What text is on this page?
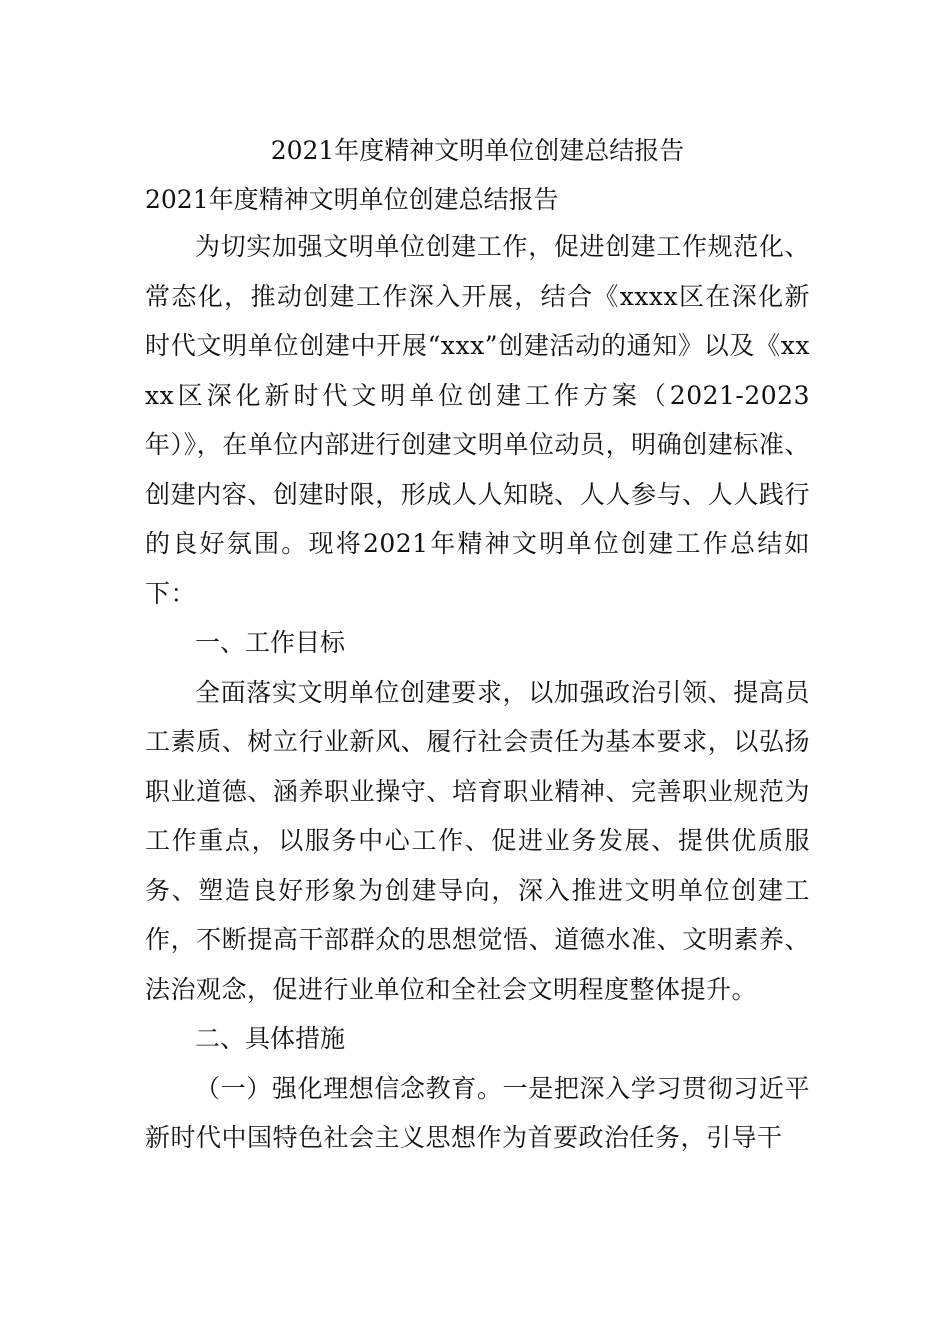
2021年度精神文明单位创建总结报告

2021年度精神文明单位创建总结报告

为切实加强文明单位创建工作，促进创建工作规范化、常态化，推动创建工作深入开展，结合《xxxx区在深化新时代文明单位创建中开展“xxx”创建活动的通知》以及《xxxx区深化新时代文明单位创建工作方案（2021-2023年）》，在单位内部进行创建文明单位动员，明确创建标准、创建内容、创建时限，形成人人知晓、人人参与、人人践行的良好氛围。现将2021年精神文明单位创建工作总结如下：

一、工作目标

全面落实文明单位创建要求，以加强政治引领、提高员工素质、树立行业新风、履行社会责任为基本要求，以弘扬职业道德、涵养职业操守、培育职业精神、完善职业规范为工作重点，以服务中心工作、促进业务发展、提供优质服务、塑造良好形象为创建导向，深入推进文明单位创建工作，不断提高干部群众的思想觉悟、道德水准、文明素养、法治观念，促进行业单位和全社会文明程度整体提升。

二、具体措施

（一）强化理想信念教育。一是把深入学习贯彻习近平新时代中国特色社会主义思想作为首要政治任务，引导干
